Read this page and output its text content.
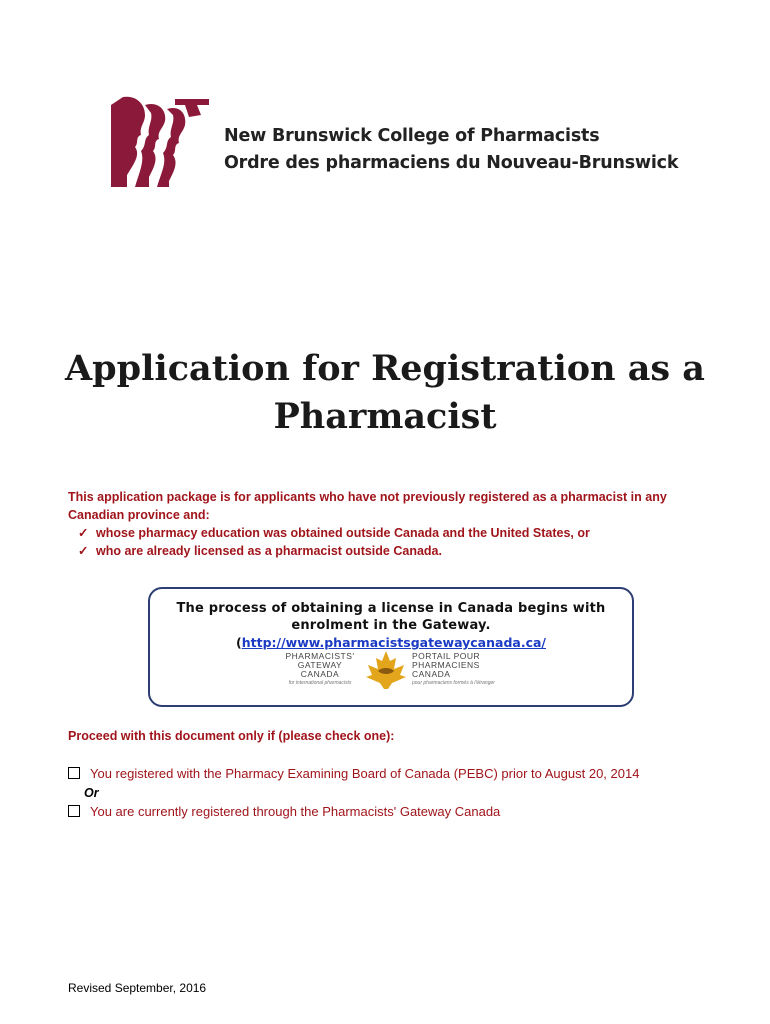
New Brunswick College of Pharmacists
Ordre des pharmaciens du Nouveau-Brunswick
Application for Registration as a
Pharmacist
This application package is for applicants who have not previously registered as a pharmacist in any Canadian province and:
✓ whose pharmacy education was obtained outside Canada and the United States, or
✓ who are already licensed as a pharmacist outside Canada.
The process of obtaining a license in Canada begins with
enrolment in the Gateway.
(http://www.pharmacistsgatewaycanada.ca/
PHARMACISTS'
GATEWAY
CANADA
for international pharmacists
PORTAIL POUR
PHARMACIENS
CANADA
pour pharmaciens formés à l'étranger
Proceed with this document only if (please check one):
You registered with the Pharmacy Examining Board of Canada (PEBC) prior to August 20, 2014
Or
You are currently registered through the Pharmacists' Gateway Canada
Revised September, 2016
